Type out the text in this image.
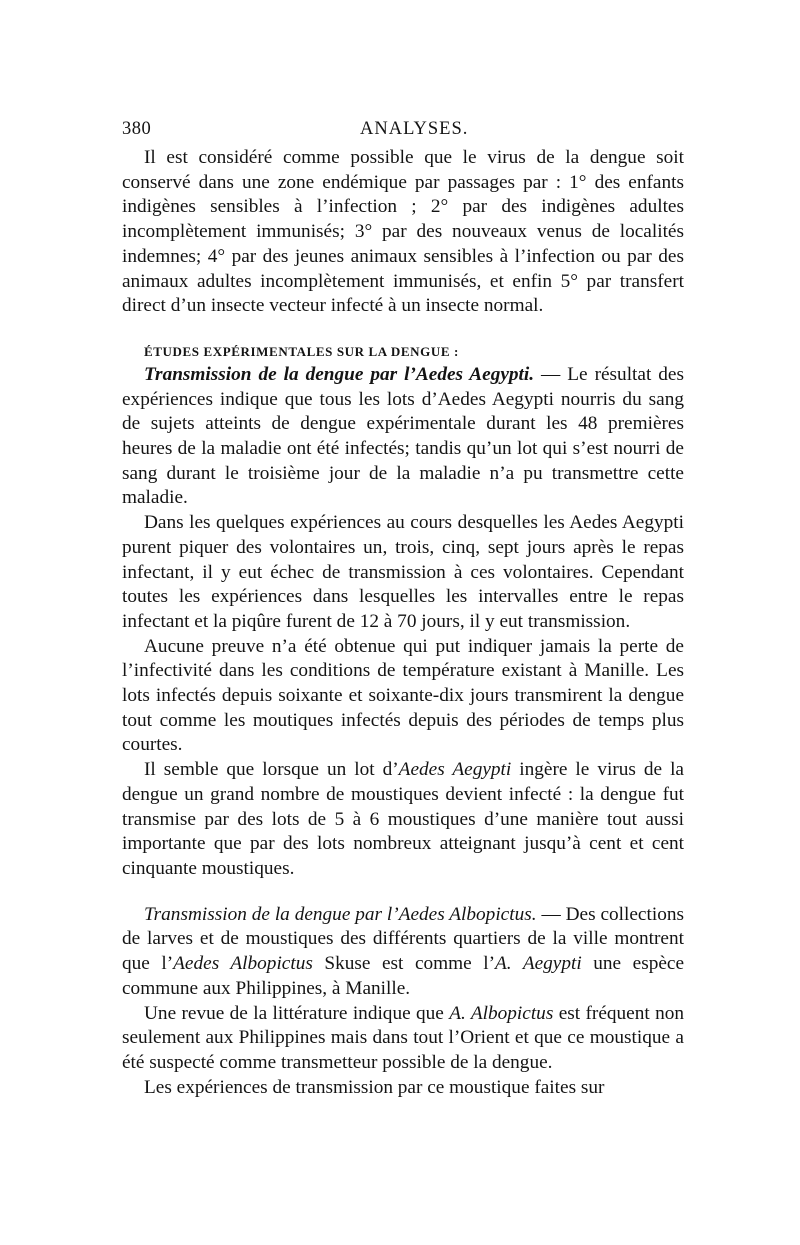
380	ANALYSES.

Il est considéré comme possible que le virus de la dengue soit conservé dans une zone endémique par passages par : 1° des enfants indigènes sensibles à l’infection ; 2° par des indigènes adultes incomplètement immunisés; 3° par des nouveaux venus de localités indemnes; 4° par des jeunes animaux sensibles à l’infection ou par des animaux adultes incomplètement immunisés, et enfin 5° par transfert direct d’un insecte vecteur infecté à un insecte normal.

ÉTUDES EXPÉRIMENTALES SUR LA DENGUE :

Transmission de la dengue par l’Aedes Aegypti. — Le résultat des expériences indique que tous les lots d’Aedes Aegypti nourris du sang de sujets atteints de dengue expérimentale durant les 48 premières heures de la maladie ont été infectés; tandis qu’un lot qui s’est nourri de sang durant le troisième jour de la maladie n’a pu transmettre cette maladie.

Dans les quelques expériences au cours desquelles les Aedes Aegypti purent piquer des volontaires un, trois, cinq, sept jours après le repas infectant, il y eut échec de transmission à ces volontaires. Cependant toutes les expériences dans lesquelles les intervalles entre le repas infectant et la piqûre furent de 12 à 70 jours, il y eut transmission.

Aucune preuve n’a été obtenue qui put indiquer jamais la perte de l’infectivité dans les conditions de température existant à Manille. Les lots infectés depuis soixante et soixante-dix jours transmirent la dengue tout comme les moutiques infectés depuis des périodes de temps plus courtes.

Il semble que lorsque un lot d’Aedes Aegypti ingère le virus de la dengue un grand nombre de moustiques devient infecté : la dengue fut transmise par des lots de 5 à 6 moustiques d’une manière tout aussi importante que par des lots nombreux atteignant jusqu’à cent et cent cinquante moustiques.

Transmission de la dengue par l’Aedes Albopictus. — Des collections de larves et de moustiques des différents quartiers de la ville montrent que l’Aedes Albopictus Skuse est comme l’A. Aegypti une espèce commune aux Philippines, à Manille.

Une revue de la littérature indique que A. Albopictus est fréquent non seulement aux Philippines mais dans tout l’Orient et que ce moustique a été suspecté comme transmetteur possible de la dengue.

Les expériences de transmission par ce moustique faites sur
